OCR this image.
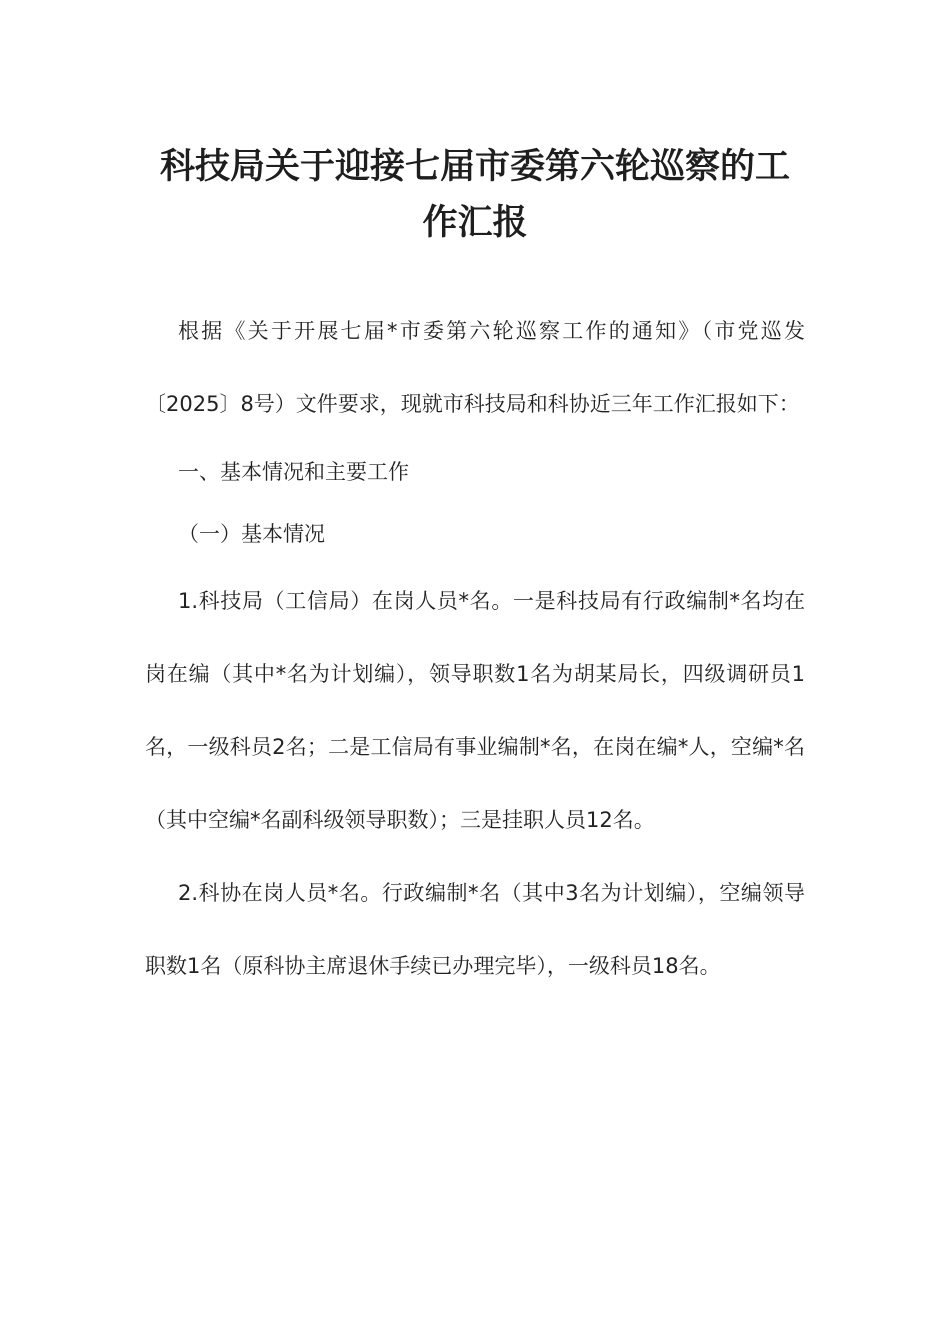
科技局关于迎接七届市委第六轮巡察的工作汇报

根据《关于开展七届*市委第六轮巡察工作的通知》（市党巡发〔2025〕8号）文件要求，现就市科技局和科协近三年工作汇报如下：

一、基本情况和主要工作

（一）基本情况

1.科技局（工信局）在岗人员*名。一是科技局有行政编制*名均在岗在编（其中*名为计划编），领导职数1名为胡某局长，四级调研员1名，一级科员2名；二是工信局有事业编制*名，在岗在编*人，空编*名（其中空编*名副科级领导职数）；三是挂职人员12名。

2.科协在岗人员*名。行政编制*名（其中3名为计划编），空编领导职数1名（原科协主席退休手续已办理完毕），一级科员18名。
